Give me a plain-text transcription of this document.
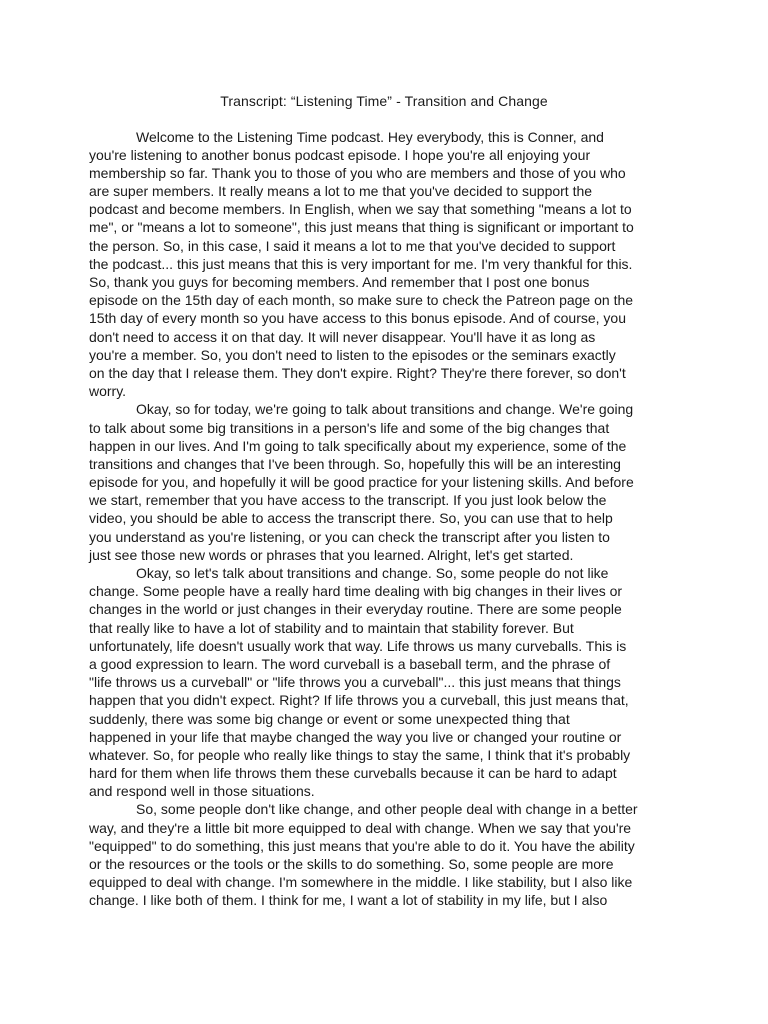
Transcript: “Listening Time” - Transition and Change
Welcome to the Listening Time podcast. Hey everybody, this is Conner, and
you're listening to another bonus podcast episode. I hope you're all enjoying your
membership so far. Thank you to those of you who are members and those of you who
are super members. It really means a lot to me that you've decided to support the
podcast and become members. In English, when we say that something "means a lot to
me", or "means a lot to someone", this just means that thing is significant or important to
the person. So, in this case, I said it means a lot to me that you've decided to support
the podcast... this just means that this is very important for me. I'm very thankful for this.
So, thank you guys for becoming members. And remember that I post one bonus
episode on the 15th day of each month, so make sure to check the Patreon page on the
15th day of every month so you have access to this bonus episode. And of course, you
don't need to access it on that day. It will never disappear. You'll have it as long as
you're a member. So, you don't need to listen to the episodes or the seminars exactly
on the day that I release them. They don't expire. Right? They're there forever, so don't
worry.
Okay, so for today, we're going to talk about transitions and change. We're going
to talk about some big transitions in a person's life and some of the big changes that
happen in our lives. And I'm going to talk specifically about my experience, some of the
transitions and changes that I've been through. So, hopefully this will be an interesting
episode for you, and hopefully it will be good practice for your listening skills. And before
we start, remember that you have access to the transcript. If you just look below the
video, you should be able to access the transcript there. So, you can use that to help
you understand as you're listening, or you can check the transcript after you listen to
just see those new words or phrases that you learned. Alright, let's get started.
Okay, so let's talk about transitions and change. So, some people do not like
change. Some people have a really hard time dealing with big changes in their lives or
changes in the world or just changes in their everyday routine. There are some people
that really like to have a lot of stability and to maintain that stability forever. But
unfortunately, life doesn't usually work that way. Life throws us many curveballs. This is
a good expression to learn. The word curveball is a baseball term, and the phrase of
"life throws us a curveball" or "life throws you a curveball"... this just means that things
happen that you didn't expect. Right? If life throws you a curveball, this just means that,
suddenly, there was some big change or event or some unexpected thing that
happened in your life that maybe changed the way you live or changed your routine or
whatever. So, for people who really like things to stay the same, I think that it's probably
hard for them when life throws them these curveballs because it can be hard to adapt
and respond well in those situations.
So, some people don't like change, and other people deal with change in a better
way, and they're a little bit more equipped to deal with change. When we say that you're
"equipped" to do something, this just means that you're able to do it. You have the ability
or the resources or the tools or the skills to do something. So, some people are more
equipped to deal with change. I'm somewhere in the middle. I like stability, but I also like
change. I like both of them. I think for me, I want a lot of stability in my life, but I also
